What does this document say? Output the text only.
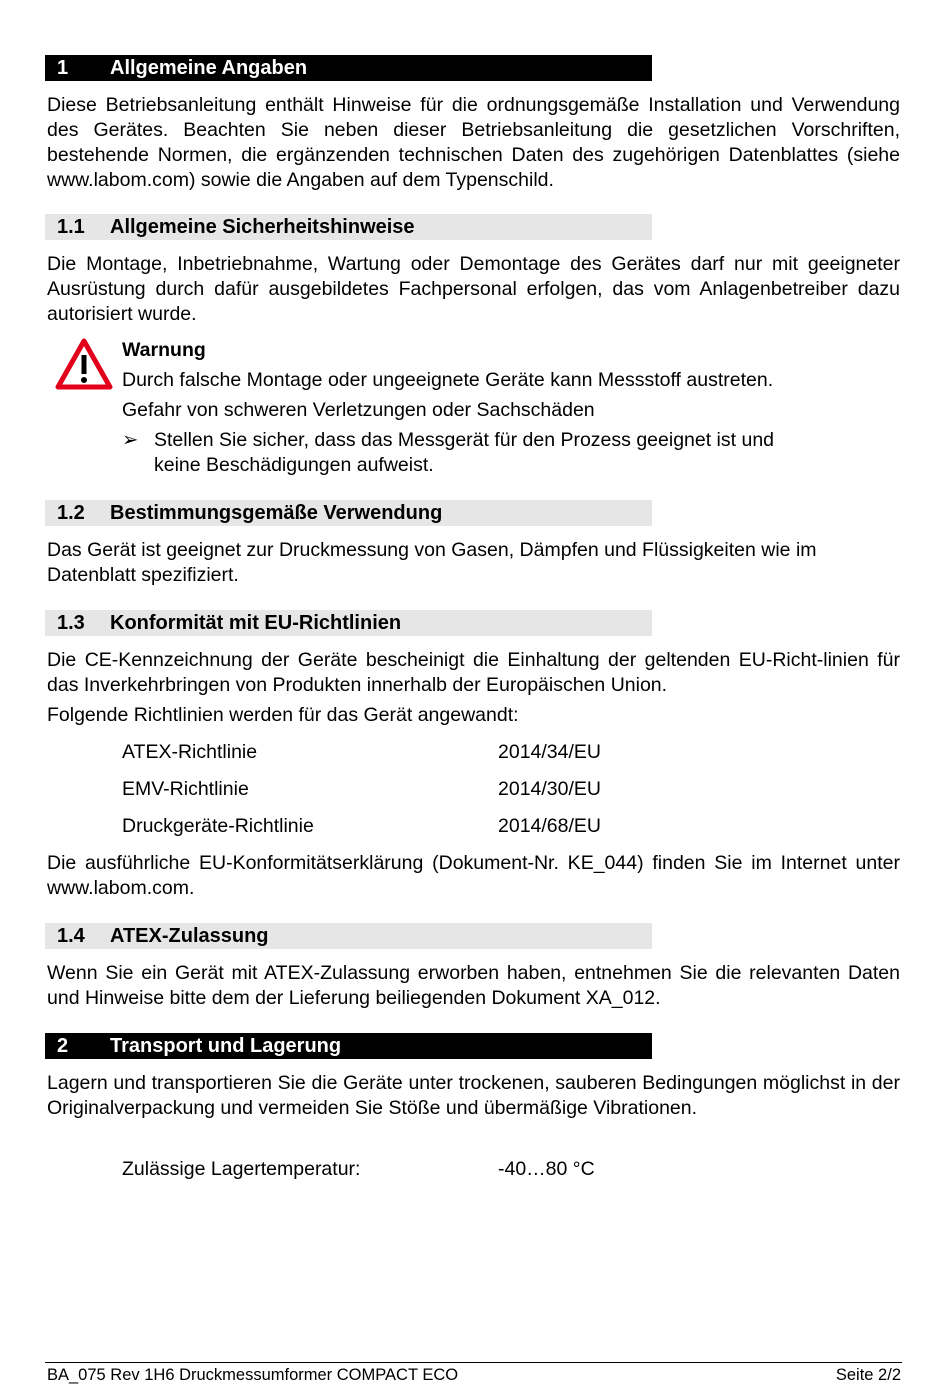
1 Allgemeine Angaben

Diese Betriebsanleitung enthält Hinweise für die ordnungsgemäße Installation und Verwendung des Gerätes. Beachten Sie neben dieser Betriebsanleitung die gesetzlichen Vorschriften, bestehende Normen, die ergänzenden technischen Daten des zugehörigen Datenblattes (siehe www.labom.com) sowie die Angaben auf dem Typenschild.

1.1 Allgemeine Sicherheitshinweise

Die Montage, Inbetriebnahme, Wartung oder Demontage des Gerätes darf nur mit geeigneter Ausrüstung durch dafür ausgebildetes Fachpersonal erfolgen, das vom Anlagenbetreiber dazu autorisiert wurde.

Warnung
Durch falsche Montage oder ungeeignete Geräte kann Messstoff austreten.
Gefahr von schweren Verletzungen oder Sachschäden
➢ Stellen Sie sicher, dass das Messgerät für den Prozess geeignet ist und
keine Beschädigungen aufweist.
1.2 Bestimmungsgemäße Verwendung

Das Gerät ist geeignet zur Druckmessung von Gasen, Dämpfen und Flüssigkeiten wie im Datenblatt spezifiziert.

1.3 Konformität mit EU-Richtlinien

Die CE-Kennzeichnung der Geräte bescheinigt die Einhaltung der geltenden EU-Richt-linien für das Inverkehrbringen von Produkten innerhalb der Europäischen Union.

Folgende Richtlinien werden für das Gerät angewandt:

ATEX-Richtlinie	2014/34/EU
EMV-Richtlinie	2014/30/EU
Druckgeräte-Richtlinie	2014/68/EU

Die ausführliche EU-Konformitätserklärung (Dokument-Nr. KE_044) finden Sie im Internet unter www.labom.com.

1.4 ATEX-Zulassung

Wenn Sie ein Gerät mit ATEX-Zulassung erworben haben, entnehmen Sie die relevanten Daten und Hinweise bitte dem der Lieferung beiliegenden Dokument XA_012.

2 Transport und Lagerung

Lagern und transportieren Sie die Geräte unter trockenen, sauberen Bedingungen möglichst in der Originalverpackung und vermeiden Sie Stöße und übermäßige Vibrationen.

Zulässige Lagertemperatur:	-40…80 °C
BA_075 Rev 1H6 Druckmessumformer COMPACT ECO	Seite 2/2
